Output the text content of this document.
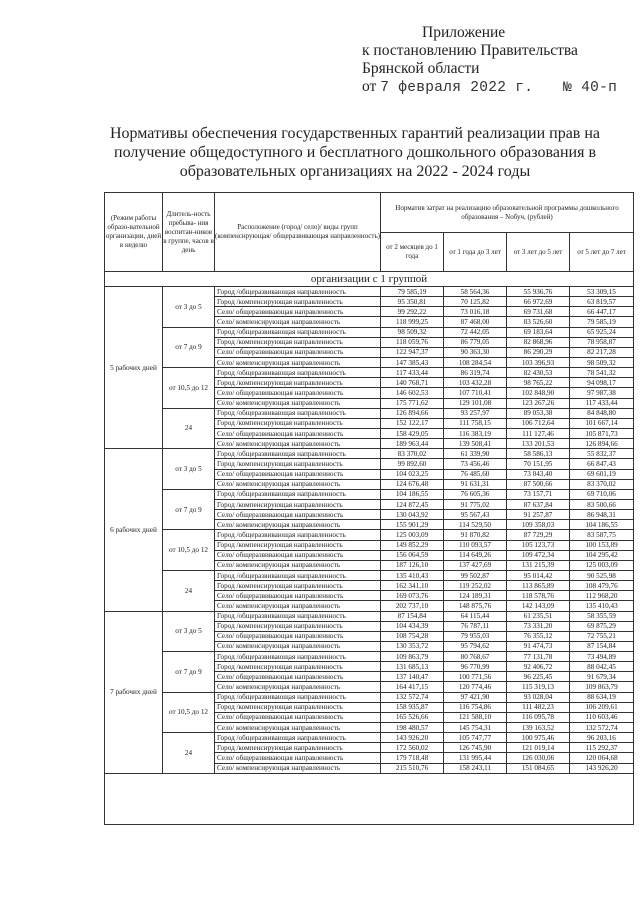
Приложение
к постановлению Правительства
Брянской области
от 7 февраля 2022 г. № 40-п
Нормативы обеспечения государственных гарантий реализации прав на получение общедоступного и бесплатного дошкольного образования в образовательных организациях на 2022 - 2024 годы
(Режим работы образо-вательной организации, дней в неделю	Длитель-ность пребыва- ния воспитан-ников в группе, часов в день	Расположение (город/ село)/ виды групп (компенсирующая/ общеразвивающая направленность)	Норматив затрат на реализацию образовательной программы дошкольного образования – Nобуч, (рублей)			
			от 2 месяцев до 1 года	от 1 года до 3 лет	от 3 лет до 5 лет	от 5 лет до 7 лет
организации с 1 группой						
5 рабочих дней	от 3 до 5	Город /общеразвивающая направленность	79 585,19	58 564,36	55 936,76	53 309,15
		Город /компенсирующая направленность	95 350,81	70 125,82	66 972,69	63 819,57
		Село/ общеразвивающая направленность	99 292,22	73 016,18	69 731,68	66 447,17
		Село/ компенсирующая направленность	118 999,25	87 468,00	83 526,60	79 585,19
	от 7 до 9	Город /общеразвивающая направленность	98 509,32	72 442,05	69 183,64	65 925,24
		Город /компенсирующая направленность	118 059,76	86 779,05	82 868,96	78 958,87
		Село/ общеразвивающая направленность	122 947,37	90 363,30	86 290,29	82 217,28
		Село/ компенсирующая направленность	147 385,43	108 284,54	103 396,93	98 509,32
	от 10,5 до 12	Город /общеразвивающая направленность	117 433,44	86 319,74	82 430,53	78 541,32
		Город /компенсирующая направленность	140 768,71	103 432,28	98 765,22	94 098,17
		Село/ общеразвивающая направленность	146 602,53	107 710,41	102 848,90	97 987,38
		Село/ компенсирующая направленность	175 771,62	129 101,08	123 267,26	117 433,44
	24	Город /общеразвивающая направленность	126 894,66	93 257,97	89 053,38	84 848,80
		Город /компенсирующая направленность	152 122,17	111 758,15	106 712,64	101 667,14
		Село/ общеразвивающая направленность	158 429,05	116 383,19	111 127,46	105 871,73
		Село/ компенсирующая направленность	189 963,44	139 508,41	133 201,53	126 894,66
6 рабочих дней	от 3 до 5	Город /общеразвивающая направленность	83 370,02	61 339,90	58 586,13	55 832,37
		Город /компенсирующая направленность	99 892,60	73 456,46	70 151,95	66 847,43
		Село/ общеразвивающая направленность	104 023,25	76 485,60	73 043,40	69 601,19
		Село/ компенсирующая направленность	124 676,48	91 631,31	87 500,66	83 370,02
	от 7 до 9	Город /общеразвивающая направленность	104 186,55	76 605,36	73 157,71	69 710,06
		Город /компенсирующая направленность	124 872,45	91 775,02	87 637,84	83 500,66
		Село/ общеразвивающая направленность	130 043,92	95 567,43	91 257,87	86 948,31
		Село/ компенсирующая направленность	155 901,29	114 529,50	109 358,03	104 186,55
	от 10,5 до 12	Город /общеразвивающая направленность	125 003,09	91 870,82	87 729,29	83 587,75
		Город /компенсирующая направленность	149 852,29	110 093,57	105 123,73	100 153,89
		Село/ общеразвивающая направленность	156 064,59	114 649,26	109 472,34	104 295,42
		Село/ компенсирующая направленность	187 126,10	137 427,69	131 215,39	125 003,09
	24	Город /общеразвивающая направленность	135 410,43	99 502,87	95 014,42	90 525,98
		Город /компенсирующая направленность	162 341,10	119 252,02	113 865,89	108 479,76
		Село/ общеразвивающая направленность	169 073,76	124 189,31	118 578,76	112 968,20
		Село/ компенсирующая направленность	202 737,10	148 875,76	142 143,09	135 410,43
7 рабочих дней	от 3 до 5	Город /общеразвивающая направленность	87 154,84	64 115,44	61 235,51	58 355,59
		Город /компенсирующая направленность	104 434,39	76 787,11	73 331,20	69 875,29
		Село/ общеразвивающая направленность	108 754,28	79 955,03	76 355,12	72 755,21
		Село/ компенсирующая направленность	130 353,72	95 794,62	91 474,73	87 154,84
	от 7 до 9	Город /общеразвивающая направленность	109 863,79	80 768,67	77 131,78	73 494,89
		Город /компенсирующая направленность	131 685,13	96 770,99	92 406,72	88 042,45
		Село/ общеразвивающая направленность	137 140,47	100 771,56	96 225,45	91 679,34
		Село/ компенсирующая направленность	164 417,15	120 774,46	115 319,13	109 863,79
	от 10,5 до 12	Город /общеразвивающая направленность	132 572,74	97 421,90	93 028,04	88 634,19
		Город /компенсирующая направленность	158 935,87	116 754,86	111 482,23	106 209,61
		Село/ общеразвивающая направленность	165 526,66	121 588,10	116 095,78	110 603,46
		Село/ компенсирующая направленность	198 480,57	145 754,31	139 163,52	132 572,74
	24	Город /общеразвивающая направленность	143 926,20	105 747,77	100 975,46	96 203,16
		Город /компенсирующая направленность	172 560,02	126 745,90	121 019,14	115 292,37
		Село/ общеразвивающая направленность	179 718,48	131 995,44	126 030,06	120 064,68
		Село/ компенсирующая направленность	215 510,76	158 243,11	151 084,65	143 926,20
